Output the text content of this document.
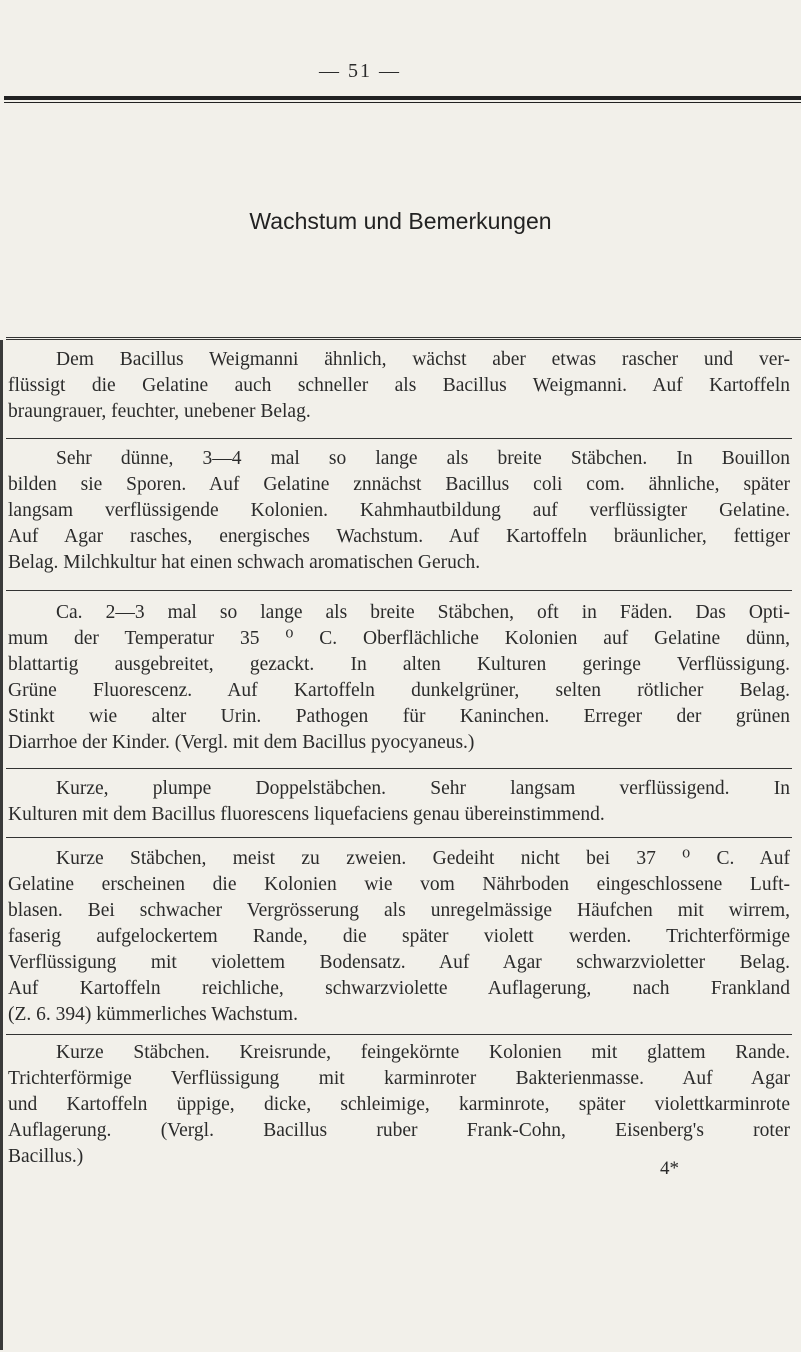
— 51 —
Wachstum und Bemerkungen
Dem Bacillus Weigmanni ähnlich, wächst aber etwas rascher und ver-
flüssigt die Gelatine auch schneller als Bacillus Weigmanni. Auf Kartoffeln
braungrauer, feuchter, unebener Belag.
Sehr dünne, 3—4 mal so lange als breite Stäbchen. In Bouillon
bilden sie Sporen. Auf Gelatine znnächst Bacillus coli com. ähnliche, später
langsam verflüssigende Kolonien. Kahmhautbildung auf verflüssigter Gelatine.
Auf Agar rasches, energisches Wachstum. Auf Kartoffeln bräunlicher, fettiger
Belag. Milchkultur hat einen schwach aromatischen Geruch.
Ca. 2—3 mal so lange als breite Stäbchen, oft in Fäden. Das Opti-
mum der Temperatur 35 ⁰ C. Oberflächliche Kolonien auf Gelatine dünn,
blattartig ausgebreitet, gezackt. In alten Kulturen geringe Verflüssigung.
Grüne Fluorescenz. Auf Kartoffeln dunkelgrüner, selten rötlicher Belag.
Stinkt wie alter Urin. Pathogen für Kaninchen. Erreger der grünen
Diarrhoe der Kinder. (Vergl. mit dem Bacillus pyocyaneus.)
Kurze, plumpe Doppelstäbchen. Sehr langsam verflüssigend. In
Kulturen mit dem Bacillus fluorescens liquefaciens genau übereinstimmend.
Kurze Stäbchen, meist zu zweien. Gedeiht nicht bei 37 ⁰ C. Auf
Gelatine erscheinen die Kolonien wie vom Nährboden eingeschlossene Luft-
blasen. Bei schwacher Vergrösserung als unregelmässige Häufchen mit wirrem,
faserig aufgelockertem Rande, die später violett werden. Trichterförmige
Verflüssigung mit violettem Bodensatz. Auf Agar schwarzvioletter Belag.
Auf Kartoffeln reichliche, schwarzviolette Auflagerung, nach Frankland
(Z. 6. 394) kümmerliches Wachstum.
Kurze Stäbchen. Kreisrunde, feingekörnte Kolonien mit glattem Rande.
Trichterförmige Verflüssigung mit karminroter Bakterienmasse. Auf Agar
und Kartoffeln üppige, dicke, schleimige, karminrote, später violettkarminrote
Auflagerung. (Vergl. Bacillus ruber Frank-Cohn, Eisenberg's roter
Bacillus.)
4*
